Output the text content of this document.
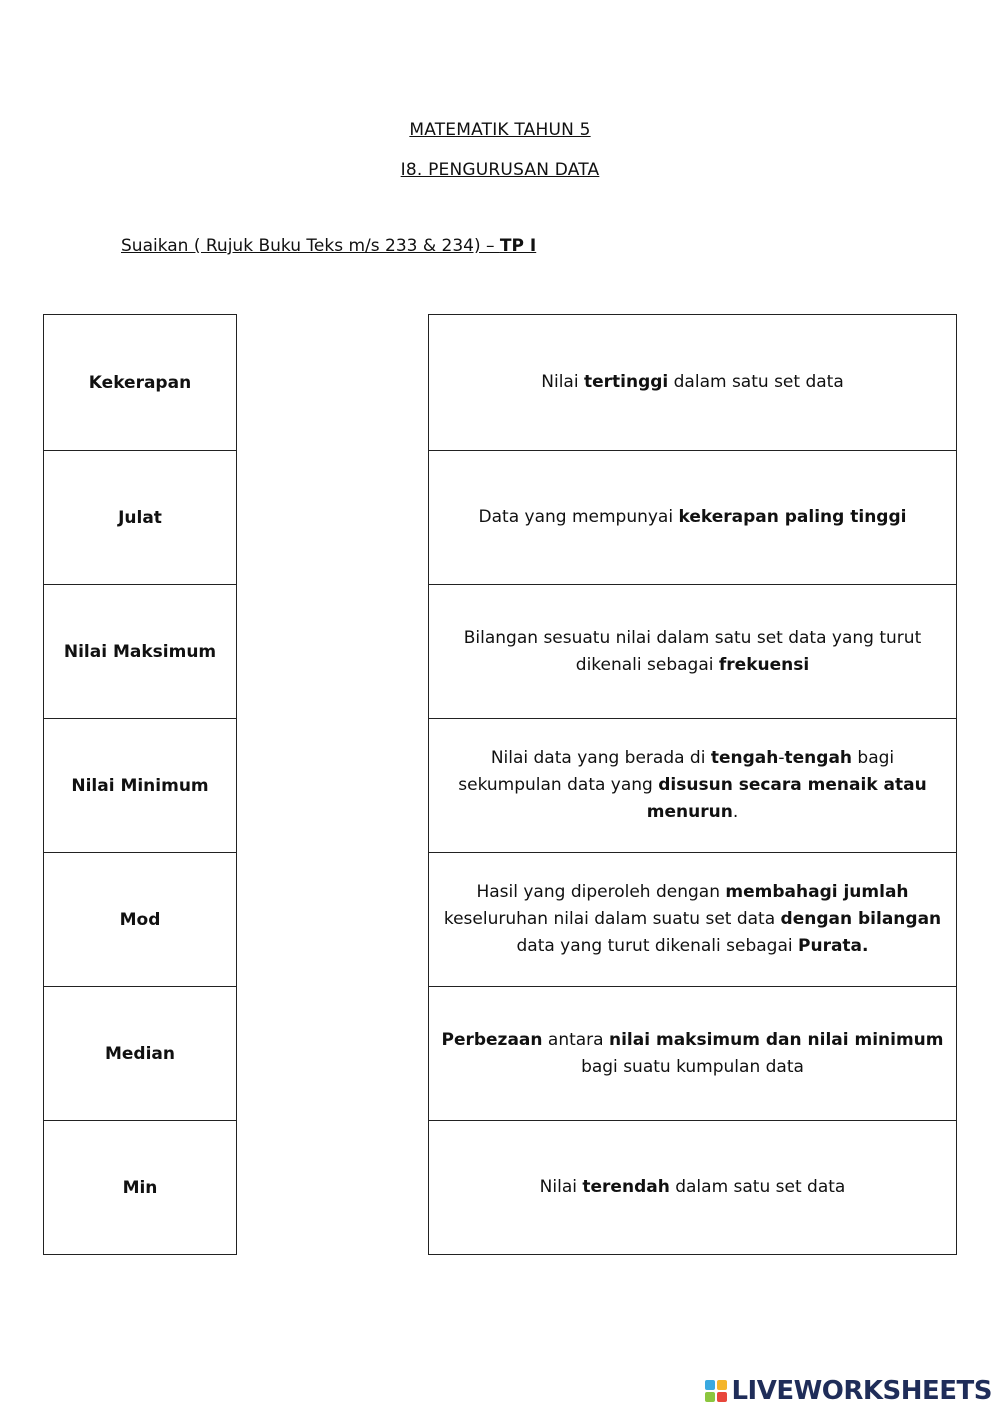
MATEMATIK TAHUN 5
I8. PENGURUSAN DATA
Suaikan ( Rujuk Buku Teks m/s 233 & 234) – TP I
Kekerapan
Julat
Nilai Maksimum
Nilai Minimum
Mod
Median
Min
Nilai tertinggi dalam satu set data
Data yang mempunyai kekerapan paling tinggi
Bilangan sesuatu nilai dalam satu set data yang turut dikenali sebagai frekuensi
Nilai data yang berada di tengah-tengah bagi sekumpulan data yang disusun secara menaik atau menurun.
Hasil yang diperoleh dengan membahagi jumlah keseluruhan nilai dalam suatu set data dengan bilangan data yang turut dikenali sebagai Purata.
Perbezaan antara nilai maksimum dan nilai minimum bagi suatu kumpulan data
Nilai terendah dalam satu set data
LIVEWORKSHEETS
